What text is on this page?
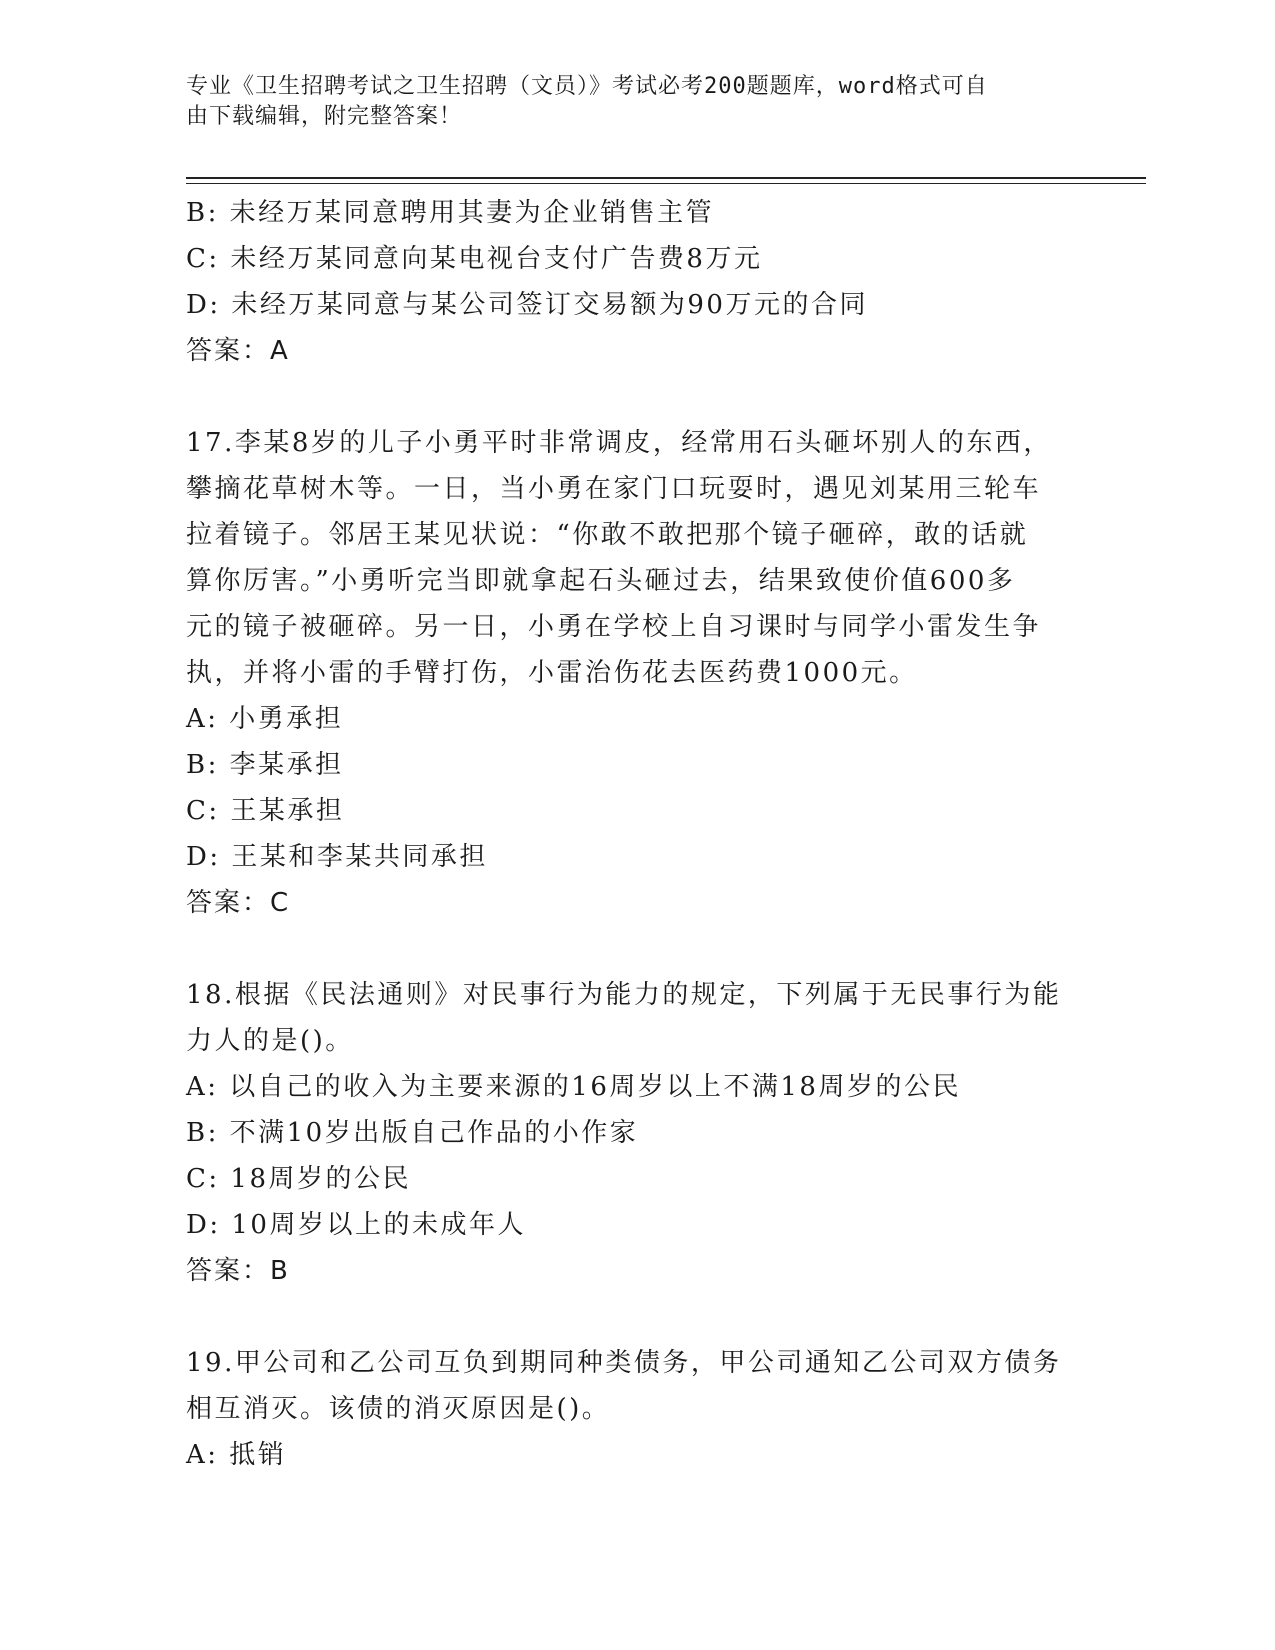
专业《卫生招聘考试之卫生招聘（文员）》考试必考200题题库，word格式可自
由下载编辑，附完整答案！

B: 未经万某同意聘用其妻为企业销售主管

C: 未经万某同意向某电视台支付广告费8万元

D: 未经万某同意与某公司签订交易额为90万元的合同

答案：A

17.李某8岁的儿子小勇平时非常调皮，经常用石头砸坏别人的东西，

攀摘花草树木等。一日，当小勇在家门口玩耍时，遇见刘某用三轮车

拉着镜子。邻居王某见状说：“你敢不敢把那个镜子砸碎，敢的话就

算你厉害。”小勇听完当即就拿起石头砸过去，结果致使价值600多

元的镜子被砸碎。另一日，小勇在学校上自习课时与同学小雷发生争

执，并将小雷的手臂打伤，小雷治伤花去医药费1000元。

A: 小勇承担

B: 李某承担

C: 王某承担

D: 王某和李某共同承担

答案：C

18.根据《民法通则》对民事行为能力的规定，下列属于无民事行为能

力人的是()。

A: 以自己的收入为主要来源的16周岁以上不满18周岁的公民

B: 不满10岁出版自己作品的小作家

C: 18周岁的公民

D: 10周岁以上的未成年人

答案：B

19.甲公司和乙公司互负到期同种类债务，甲公司通知乙公司双方债务

相互消灭。该债的消灭原因是()。

A: 抵销
